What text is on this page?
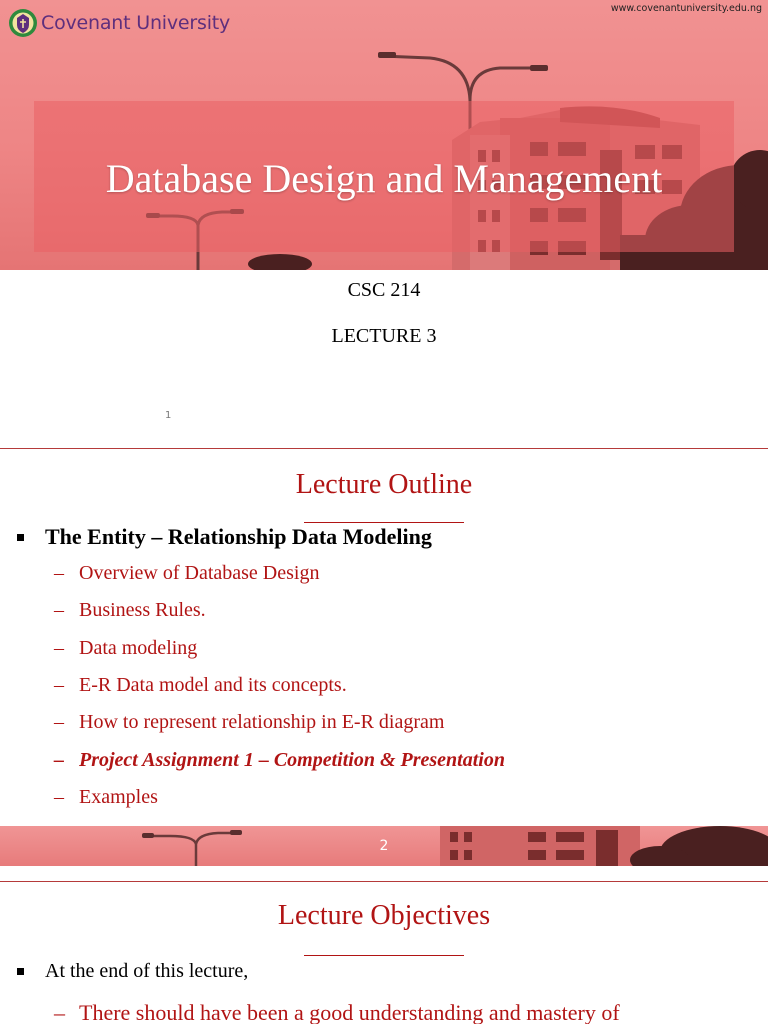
Covenant University
www.covenantuniversity.edu.ng
Database Design and Management
CSC 214
LECTURE 3
1
Lecture Outline
The Entity – Relationship Data Modeling
– Overview of Database Design
– Business Rules.
– Data modeling
– E-R Data model and its concepts.
– How to represent relationship in E-R diagram
– Project Assignment 1 – Competition & Presentation
– Examples
2
Lecture Objectives
At the end of this lecture,
– There should have been a good understanding and mastery of
